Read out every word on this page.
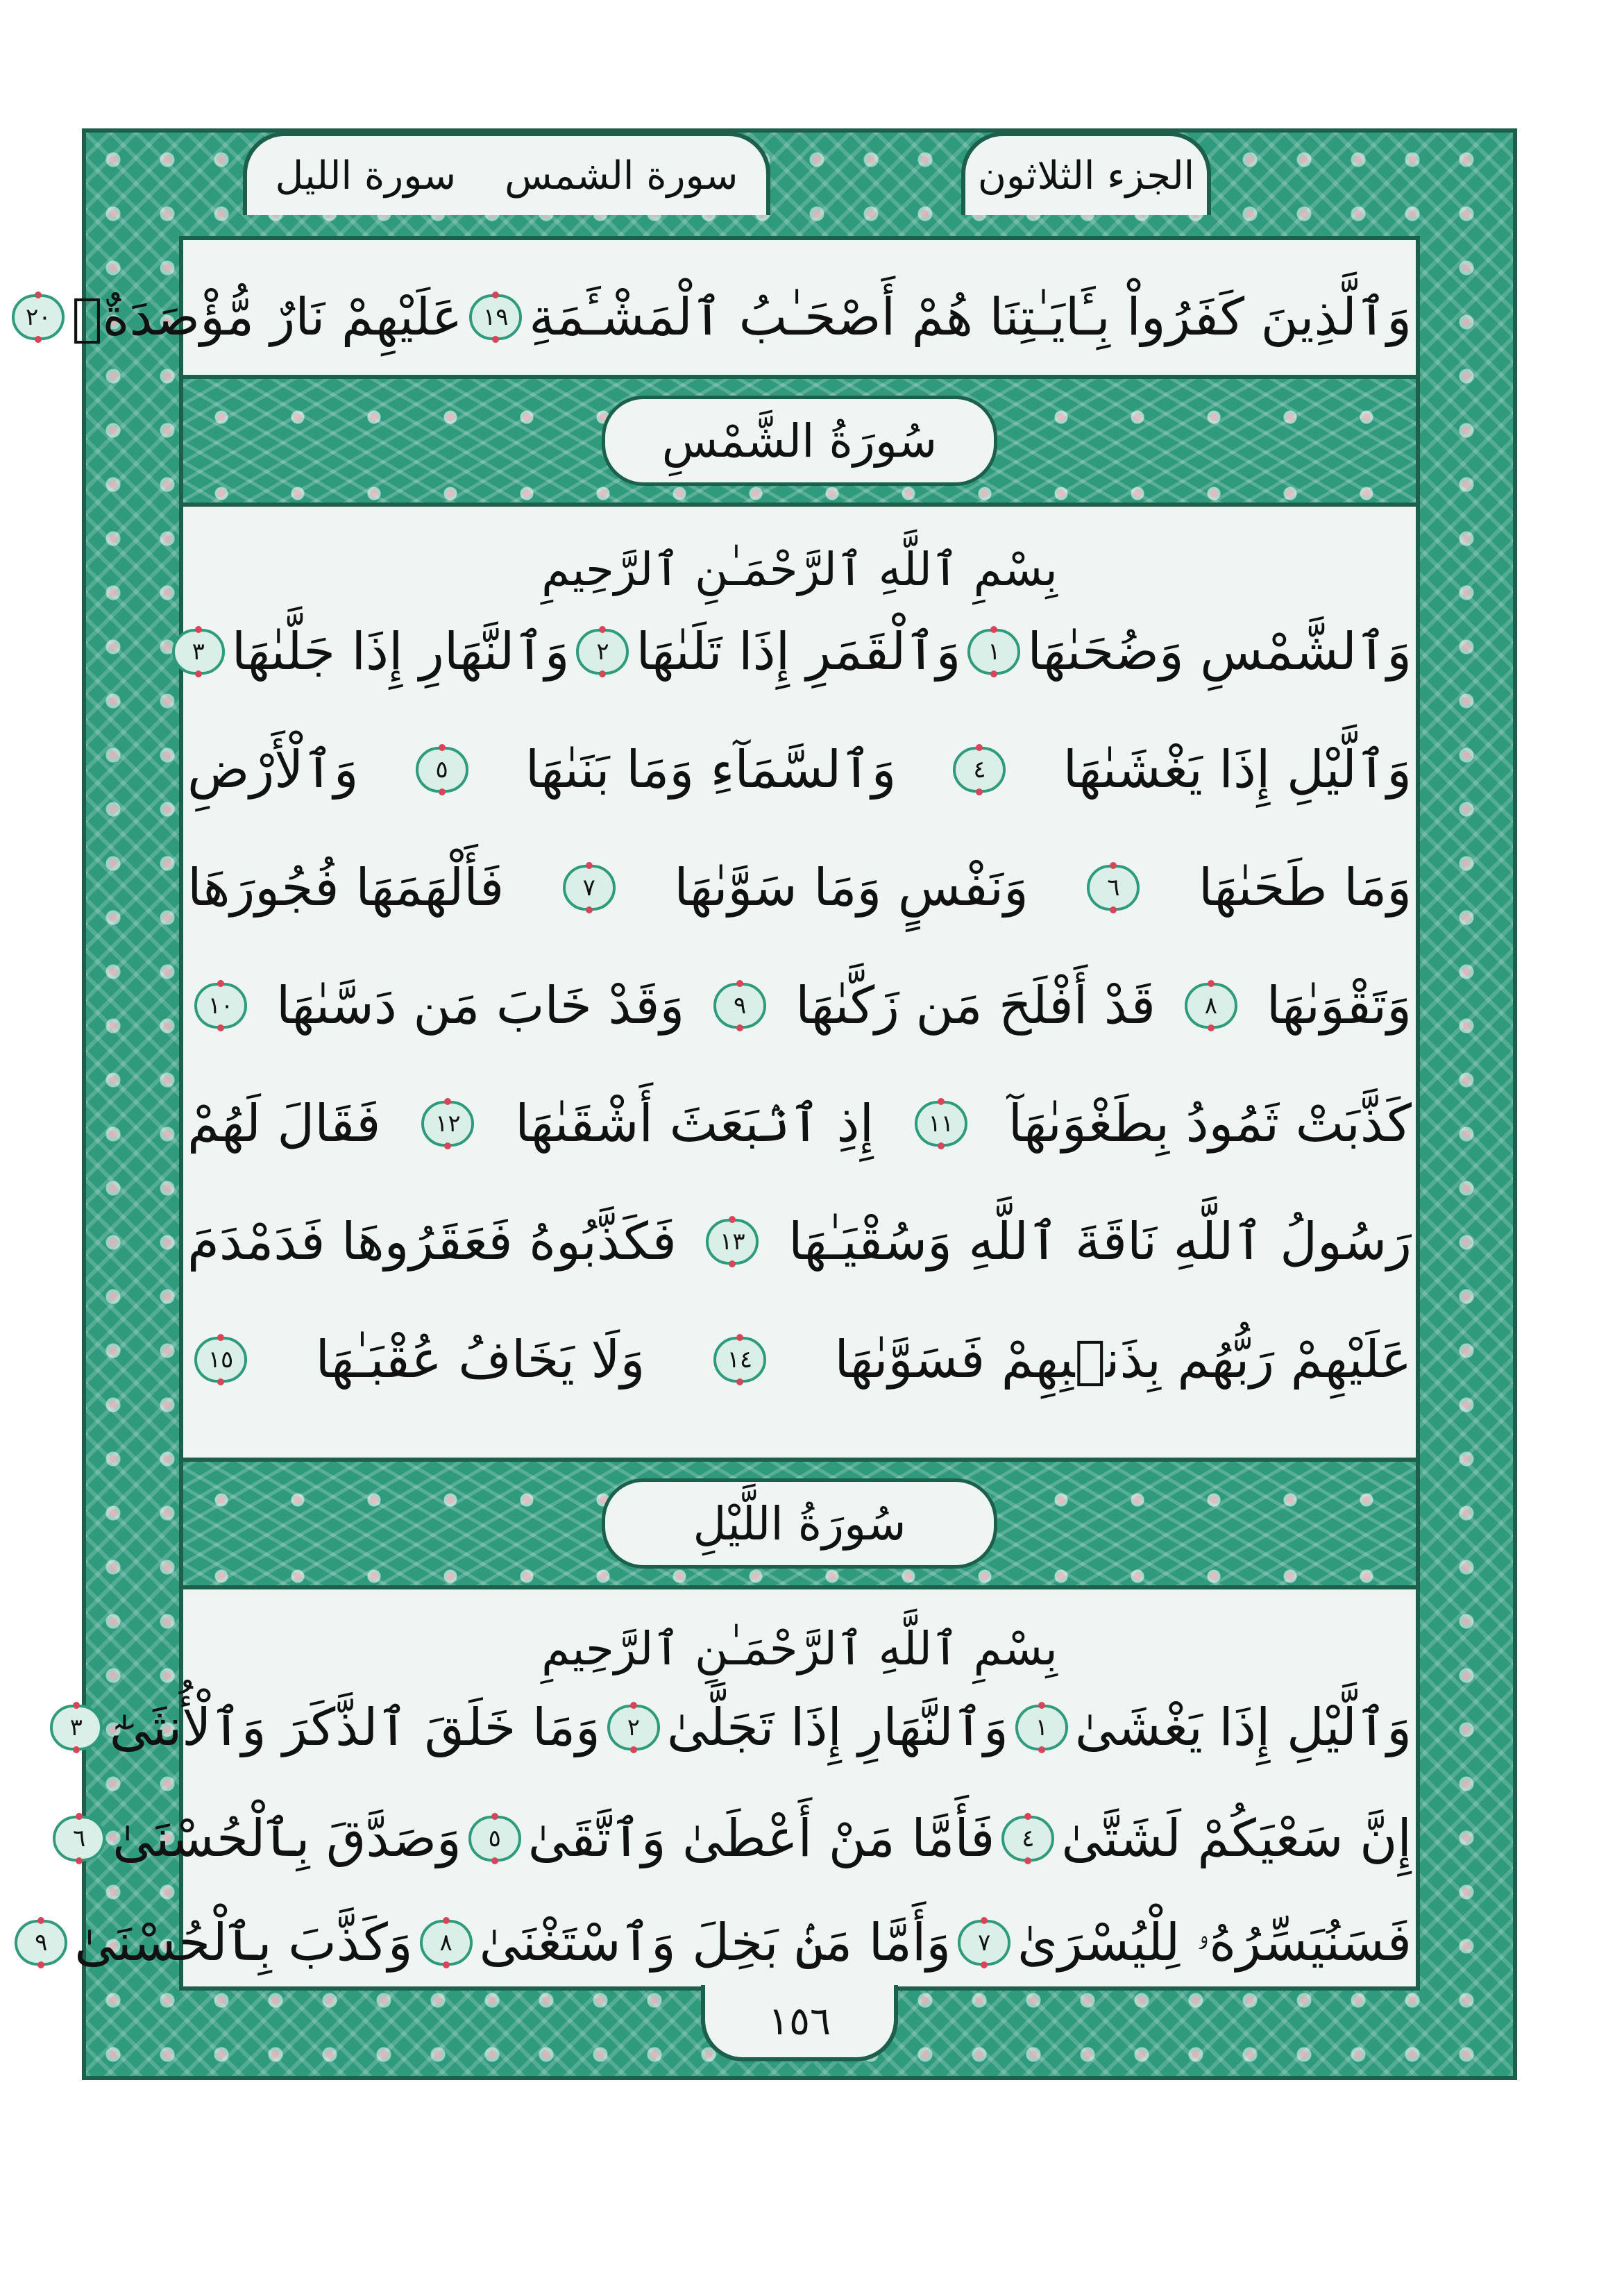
الجزء الثلاثون
سورة الشمس
سورة الليل
وَٱلَّذِينَ كَفَرُواْ بِـَٔايَـٰتِنَا هُمْ أَصْحَـٰبُ ٱلْمَشْـَٔمَةِ
١٩
عَلَيْهِمْ نَارٌ مُّؤْصَدَةٌۢ
٢٠
سُورَةُ الشَّمْسِ
بِسْمِ ٱللَّهِ ٱلرَّحْمَـٰنِ ٱلرَّحِيمِ
وَٱلشَّمْسِ وَضُحَىٰهَا
١
وَٱلْقَمَرِ إِذَا تَلَىٰهَا
٢
وَٱلنَّهَارِ إِذَا جَلَّىٰهَا
٣
وَٱلَّيْلِ إِذَا يَغْشَىٰهَا
٤
وَٱلسَّمَآءِ وَمَا بَنَىٰهَا
٥
وَٱلْأَرْضِ
وَمَا طَحَىٰهَا
٦
وَنَفْسٍ وَمَا سَوَّىٰهَا
٧
فَأَلْهَمَهَا فُجُورَهَا
وَتَقْوَىٰهَا
٨
قَدْ أَفْلَحَ مَن زَكَّىٰهَا
٩
وَقَدْ خَابَ مَن دَسَّىٰهَا
١٠
كَذَّبَتْ ثَمُودُ بِطَغْوَىٰهَآ
١١
إِذِ ٱنۢبَعَثَ أَشْقَىٰهَا
١٢
فَقَالَ لَهُمْ
رَسُولُ ٱللَّهِ نَاقَةَ ٱللَّهِ وَسُقْيَـٰهَا
١٣
فَكَذَّبُوهُ فَعَقَرُوهَا فَدَمْدَمَ
عَلَيْهِمْ رَبُّهُم بِذَنۢبِهِمْ فَسَوَّىٰهَا
١٤
وَلَا يَخَافُ عُقْبَـٰهَا
١٥
سُورَةُ اللَّيْلِ
بِسْمِ ٱللَّهِ ٱلرَّحْمَـٰنِ ٱلرَّحِيمِ
وَٱلَّيْلِ إِذَا يَغْشَىٰ
١
وَٱلنَّهَارِ إِذَا تَجَلَّىٰ
٢
وَمَا خَلَقَ ٱلذَّكَرَ وَٱلْأُنثَىٰٓ
٣
إِنَّ سَعْيَكُمْ لَشَتَّىٰ
٤
فَأَمَّا مَنْ أَعْطَىٰ وَٱتَّقَىٰ
٥
وَصَدَّقَ بِٱلْحُسْنَىٰ
٦
فَسَنُيَسِّرُهُۥ لِلْيُسْرَىٰ
٧
وَأَمَّا مَنۢ بَخِلَ وَٱسْتَغْنَىٰ
٨
وَكَذَّبَ بِٱلْحُسْنَىٰ
٩
١٥٦
